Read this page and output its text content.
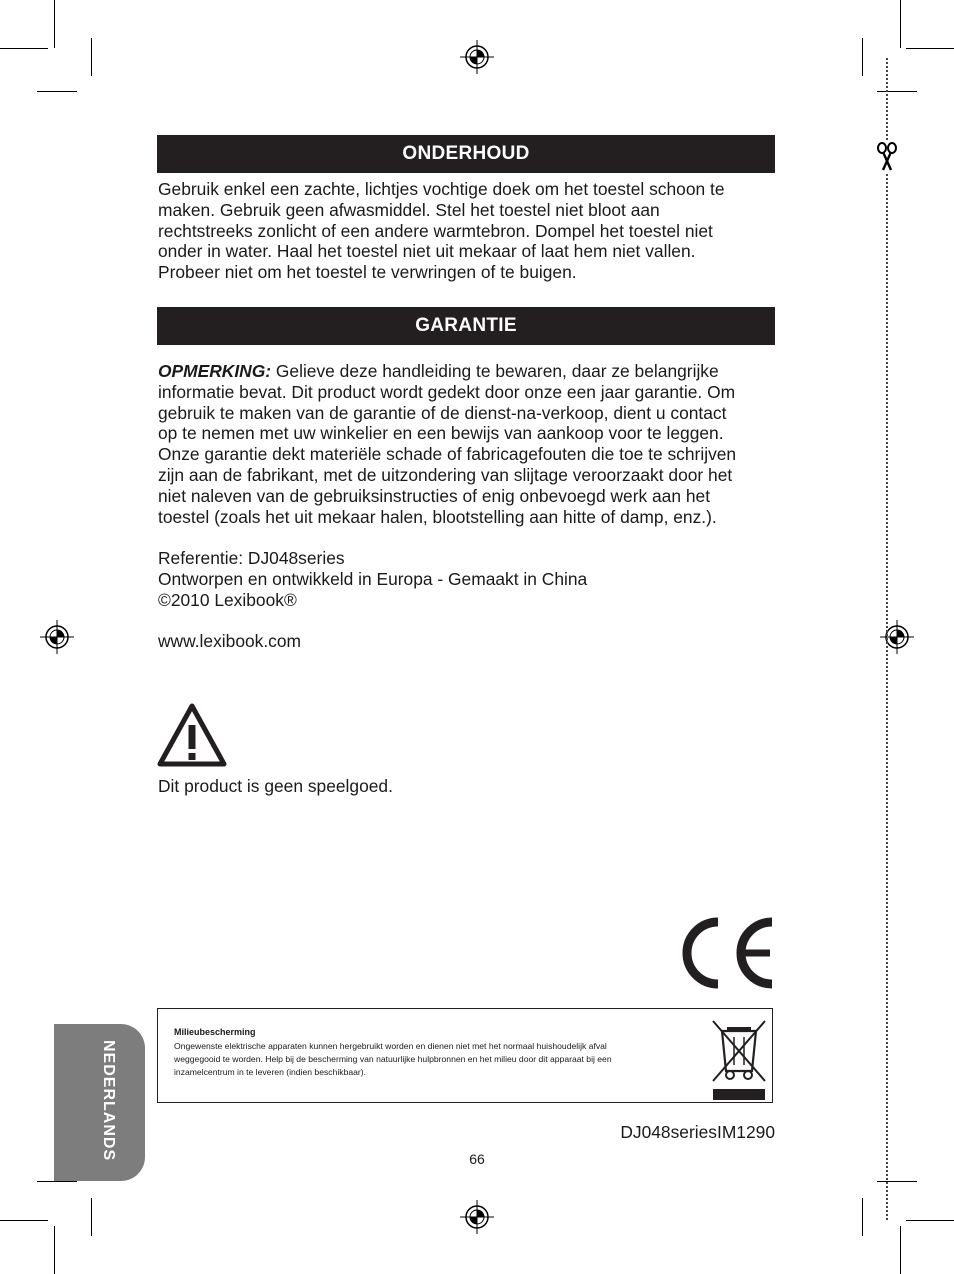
ONDERHOUD

Gebruik enkel een zachte, lichtjes vochtige doek om het toestel schoon te
maken. Gebruik geen afwasmiddel. Stel het toestel niet bloot aan
rechtstreeks zonlicht of een andere warmtebron. Dompel het toestel niet
onder in water. Haal het toestel niet uit mekaar of laat hem niet vallen.
Probeer niet om het toestel te verwringen of te buigen.

GARANTIE

OPMERKING: Gelieve deze handleiding te bewaren, daar ze belangrijke
informatie bevat. Dit product wordt gedekt door onze een jaar garantie. Om
gebruik te maken van de garantie of de dienst-na-verkoop, dient u contact
op te nemen met uw winkelier en een bewijs van aankoop voor te leggen.
Onze garantie dekt materiële schade of fabricagefouten die toe te schrijven
zijn aan de fabrikant, met de uitzondering van slijtage veroorzaakt door het
niet naleven van de gebruiksinstructies of enig onbevoegd werk aan het
toestel (zoals het uit mekaar halen, blootstelling aan hitte of damp, enz.).

Referentie: DJ048series
Ontworpen en ontwikkeld in Europa - Gemaakt in China
©2010 Lexibook®

www.lexibook.com

Dit product is geen speelgoed.

Milieubescherming
Ongewenste elektrische apparaten kunnen hergebruikt worden en dienen niet met het normaal huishoudelijk afval
weggegooid te worden. Help bij de bescherming van natuurlijke hulpbronnen en het milieu door dit apparaat bij een
inzamelcentrum in te leveren (indien beschikbaar).
DJ048seriesIM1290
66
NEDERLANDS
